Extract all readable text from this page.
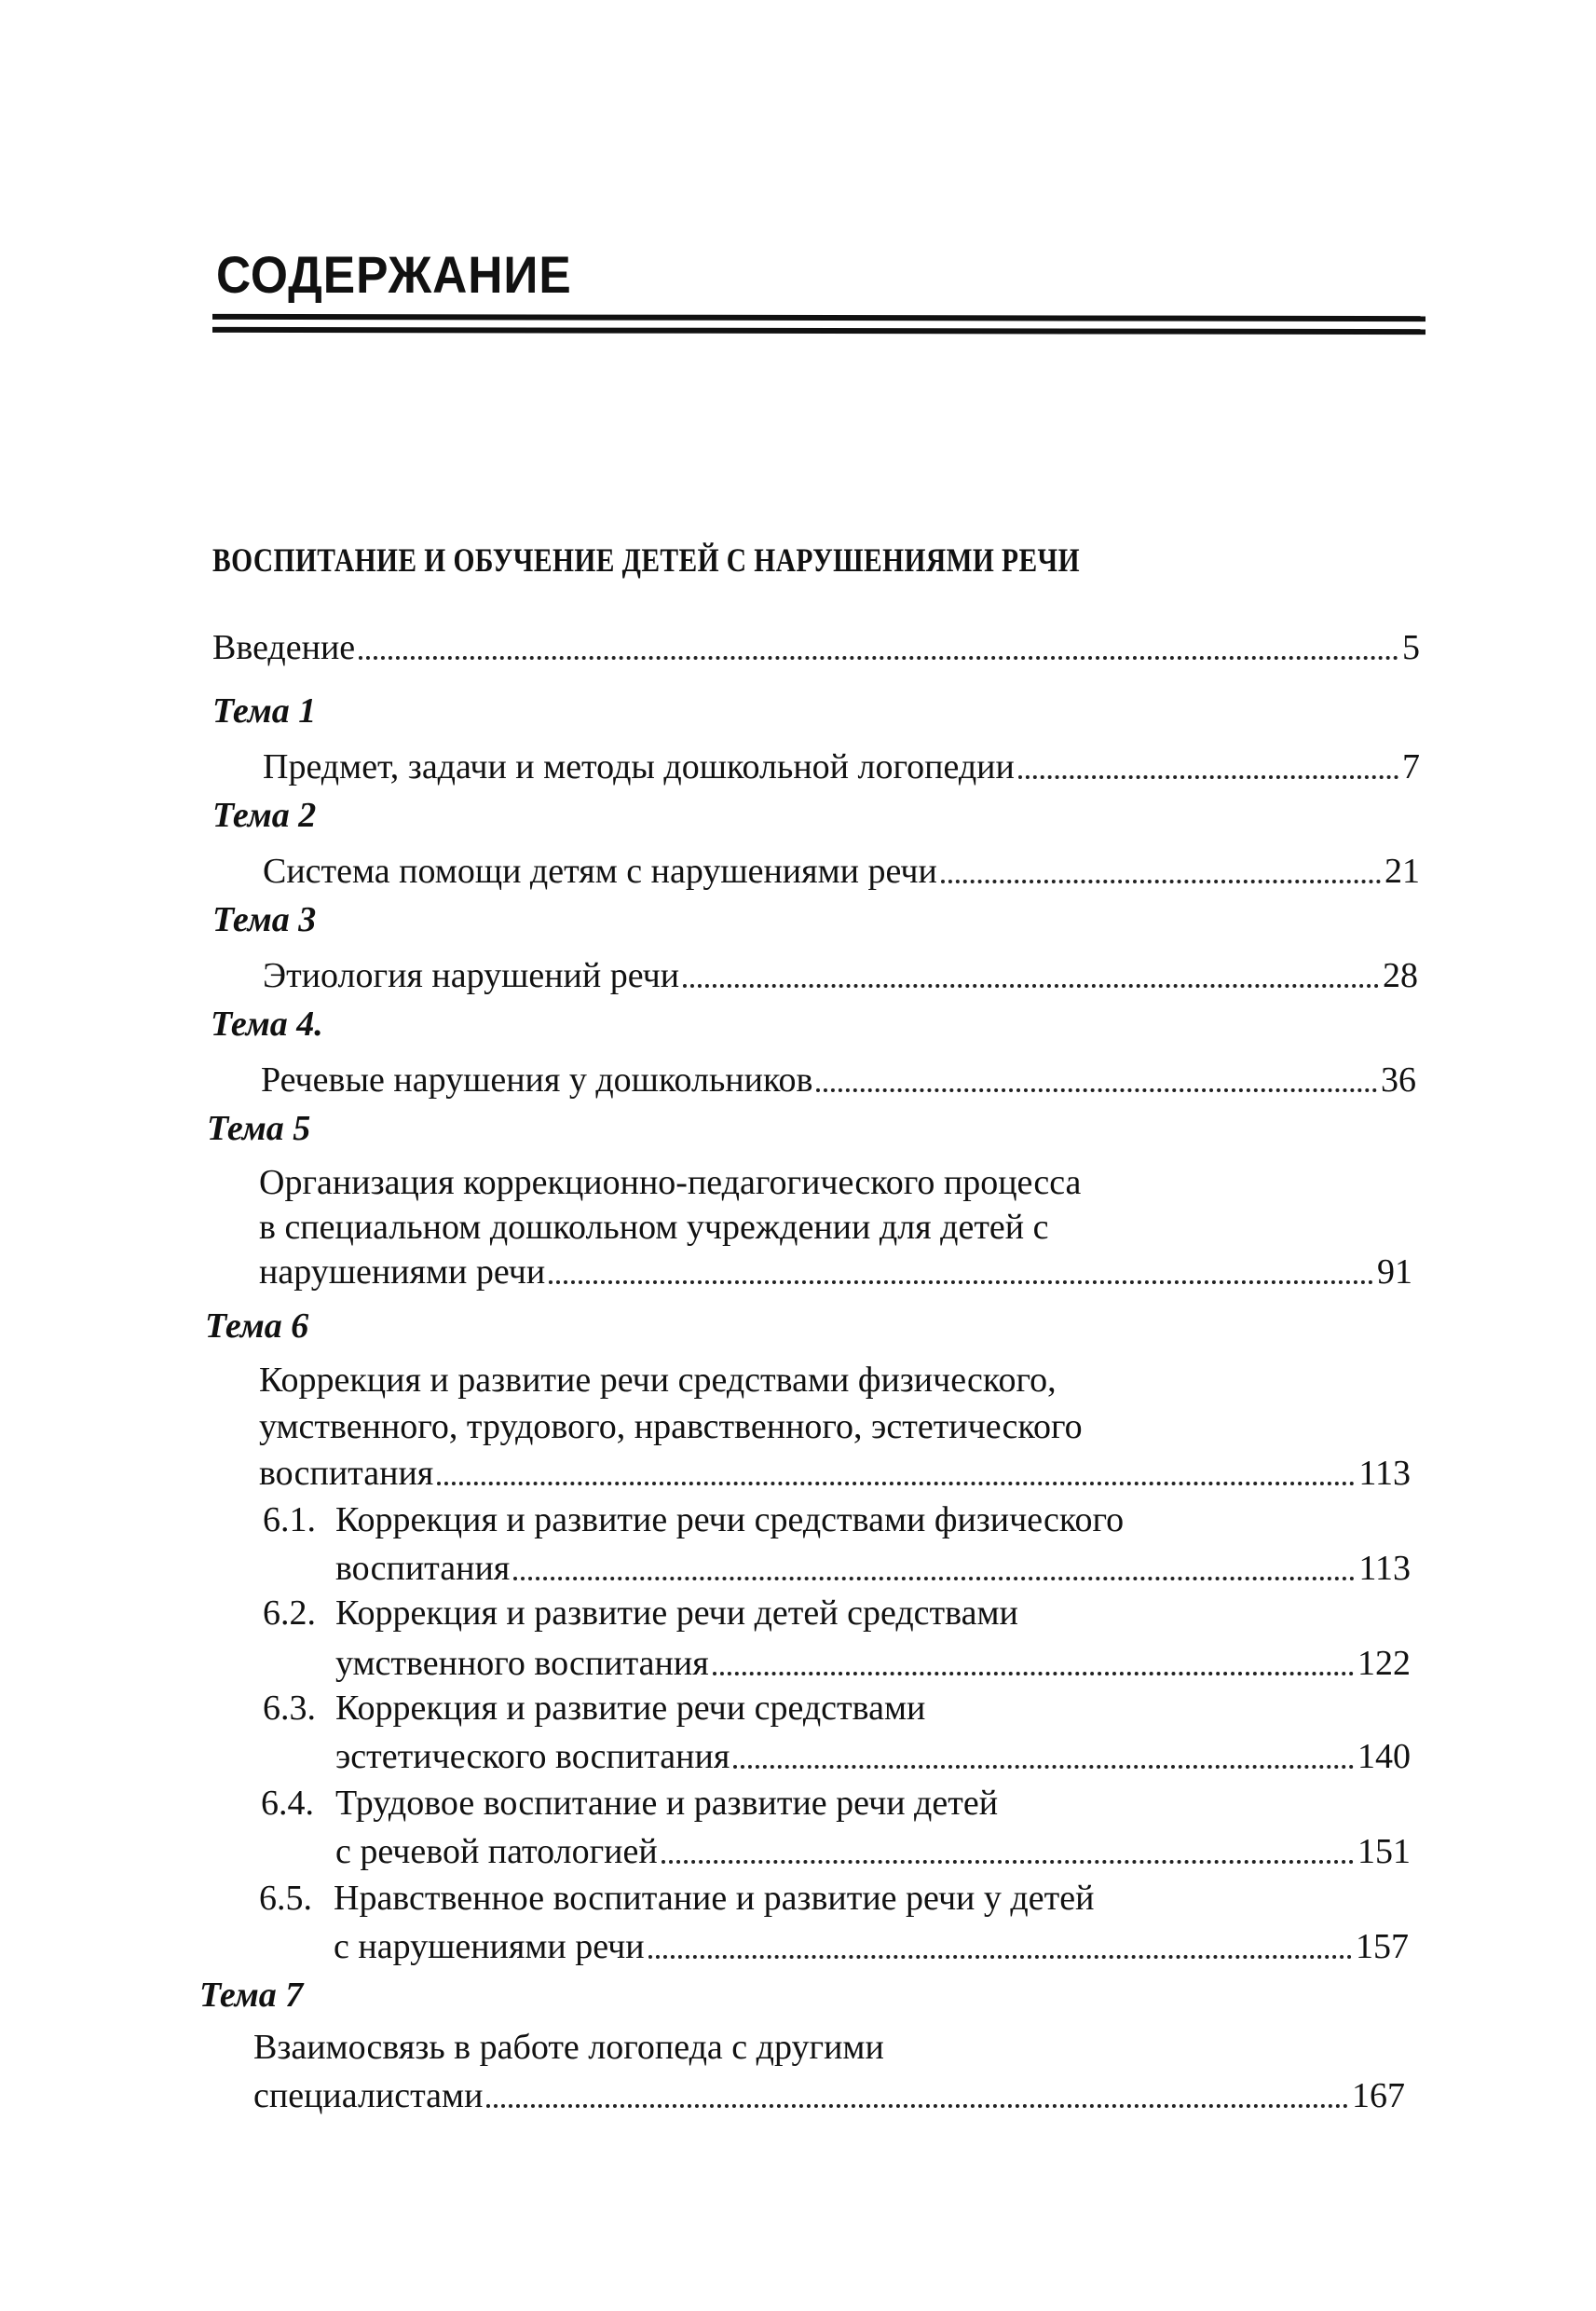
СОДЕРЖАНИЕ
ВОСПИТАНИЕ И ОБУЧЕНИЕ ДЕТЕЙ С НАРУШЕНИЯМИ РЕЧИ
Введение	5
Тема 1
Предмет, задачи и методы дошкольной логопедии	7
Тема 2
Система помощи детям с нарушениями речи	21
Тема 3
Этиология нарушений речи	28
Тема 4.
Речевые нарушения у дошкольников	36
Тема 5
Организация коррекционно-педагогического процесса
в специальном дошкольном учреждении для детей с
нарушениями речи	91
Тема 6
Коррекция и развитие речи средствами физического,
умственного, трудового, нравственного, эстетического
воспитания	113
6.1. Коррекция и развитие речи средствами физического
воспитания	113
6.2. Коррекция и развитие речи детей средствами
умственного воспитания	122
6.3. Коррекция и развитие речи средствами
эстетического воспитания	140
6.4. Трудовое воспитание и развитие речи детей
с речевой патологией	151
6.5. Нравственное воспитание и развитие речи у детей
с нарушениями речи	157
Тема 7
Взаимосвязь в работе логопеда с другими
специалистами	167
